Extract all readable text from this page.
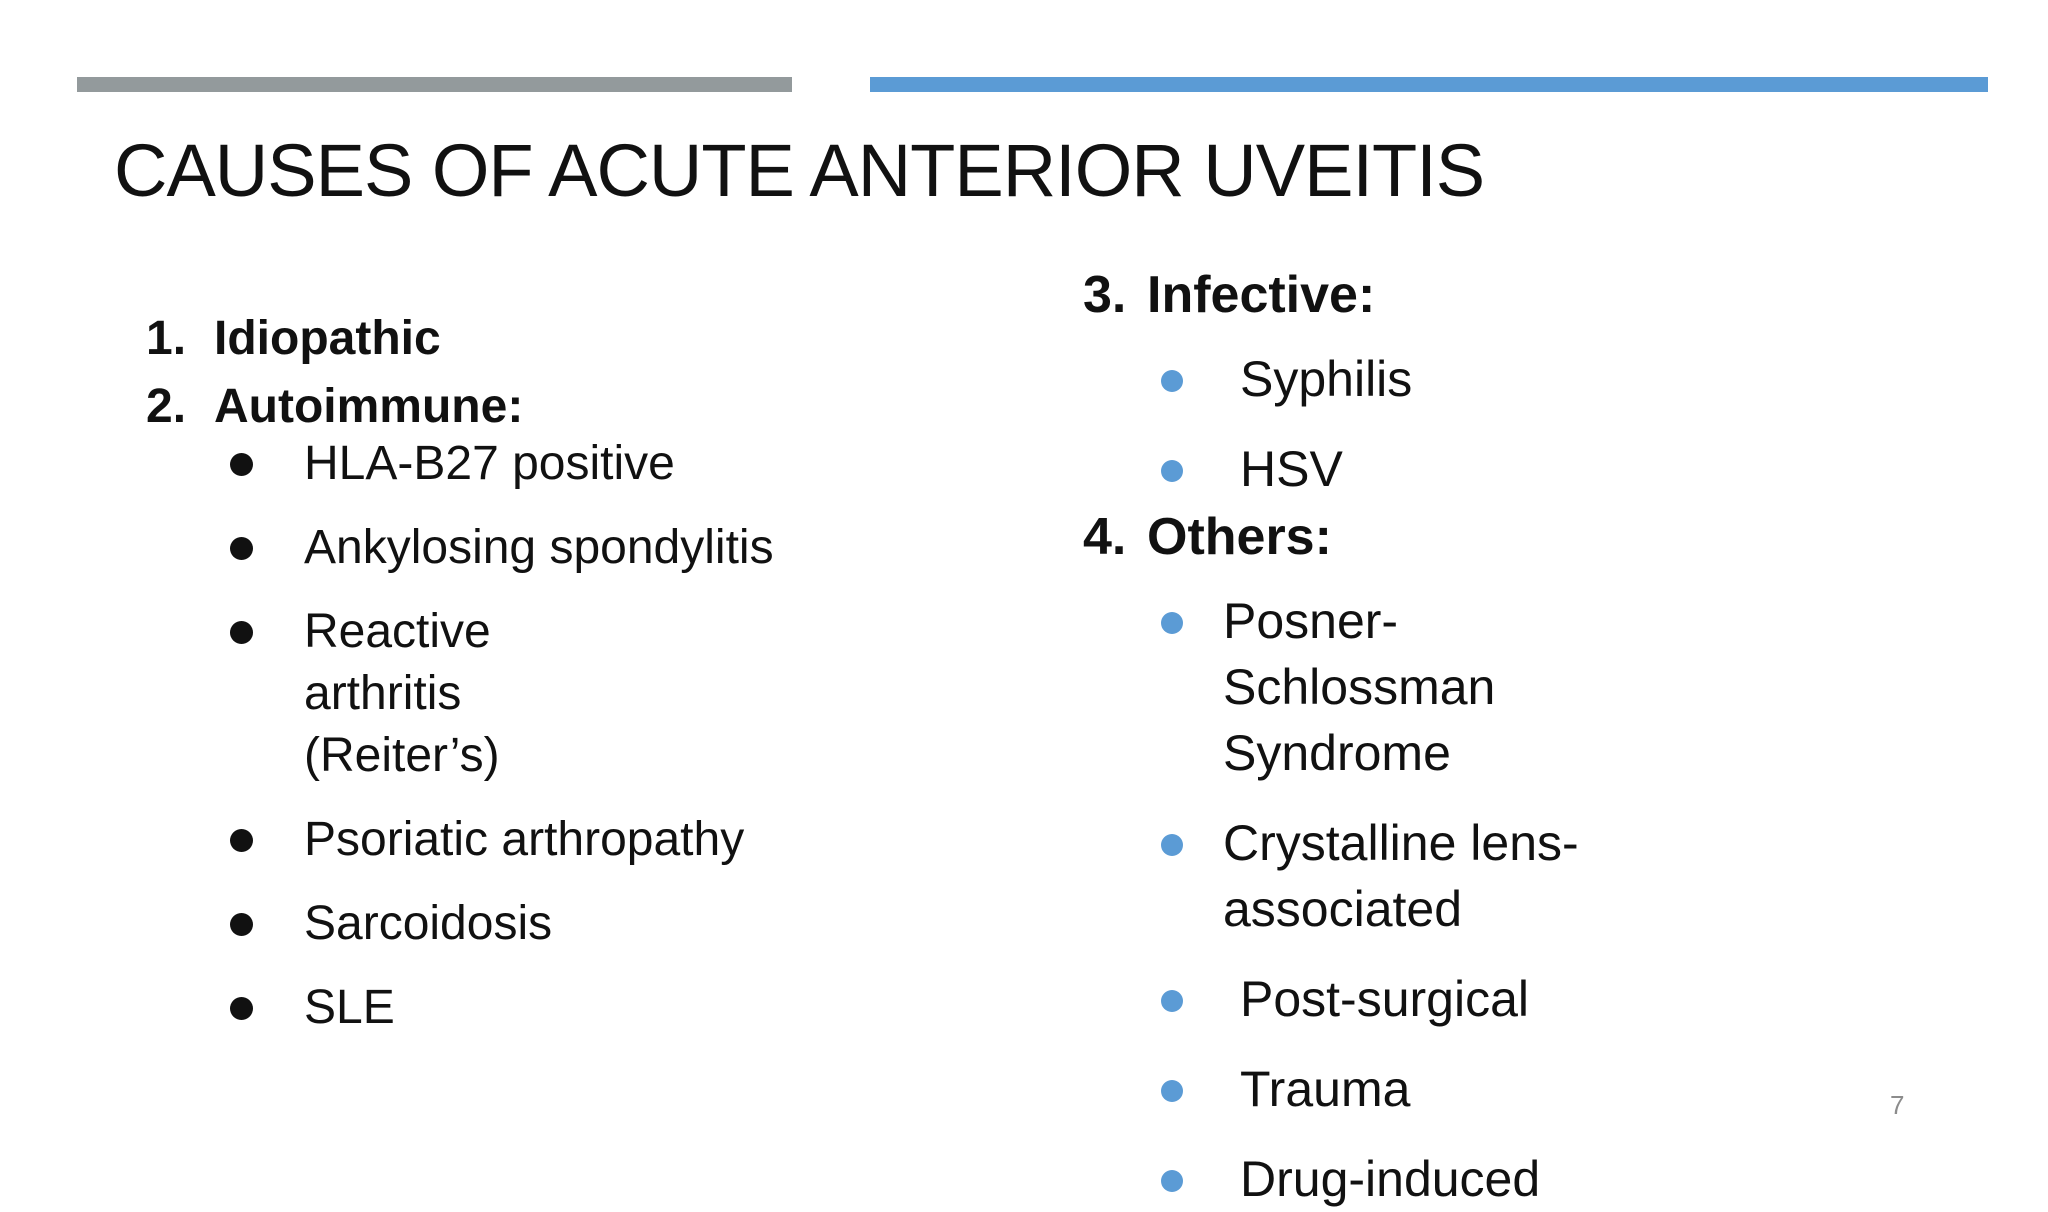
CAUSES OF ACUTE ANTERIOR UVEITIS
1. Idiopathic
2. Autoimmune:
HLA-B27 positive
Ankylosing spondylitis
Reactive arthritis (Reiter’s)
Psoriatic arthropathy
Sarcoidosis
SLE
3. Infective:
Syphilis
HSV
4. Others:
Posner-Schlossman Syndrome
Crystalline lens-associated
Post-surgical
Trauma
Drug-induced
7
